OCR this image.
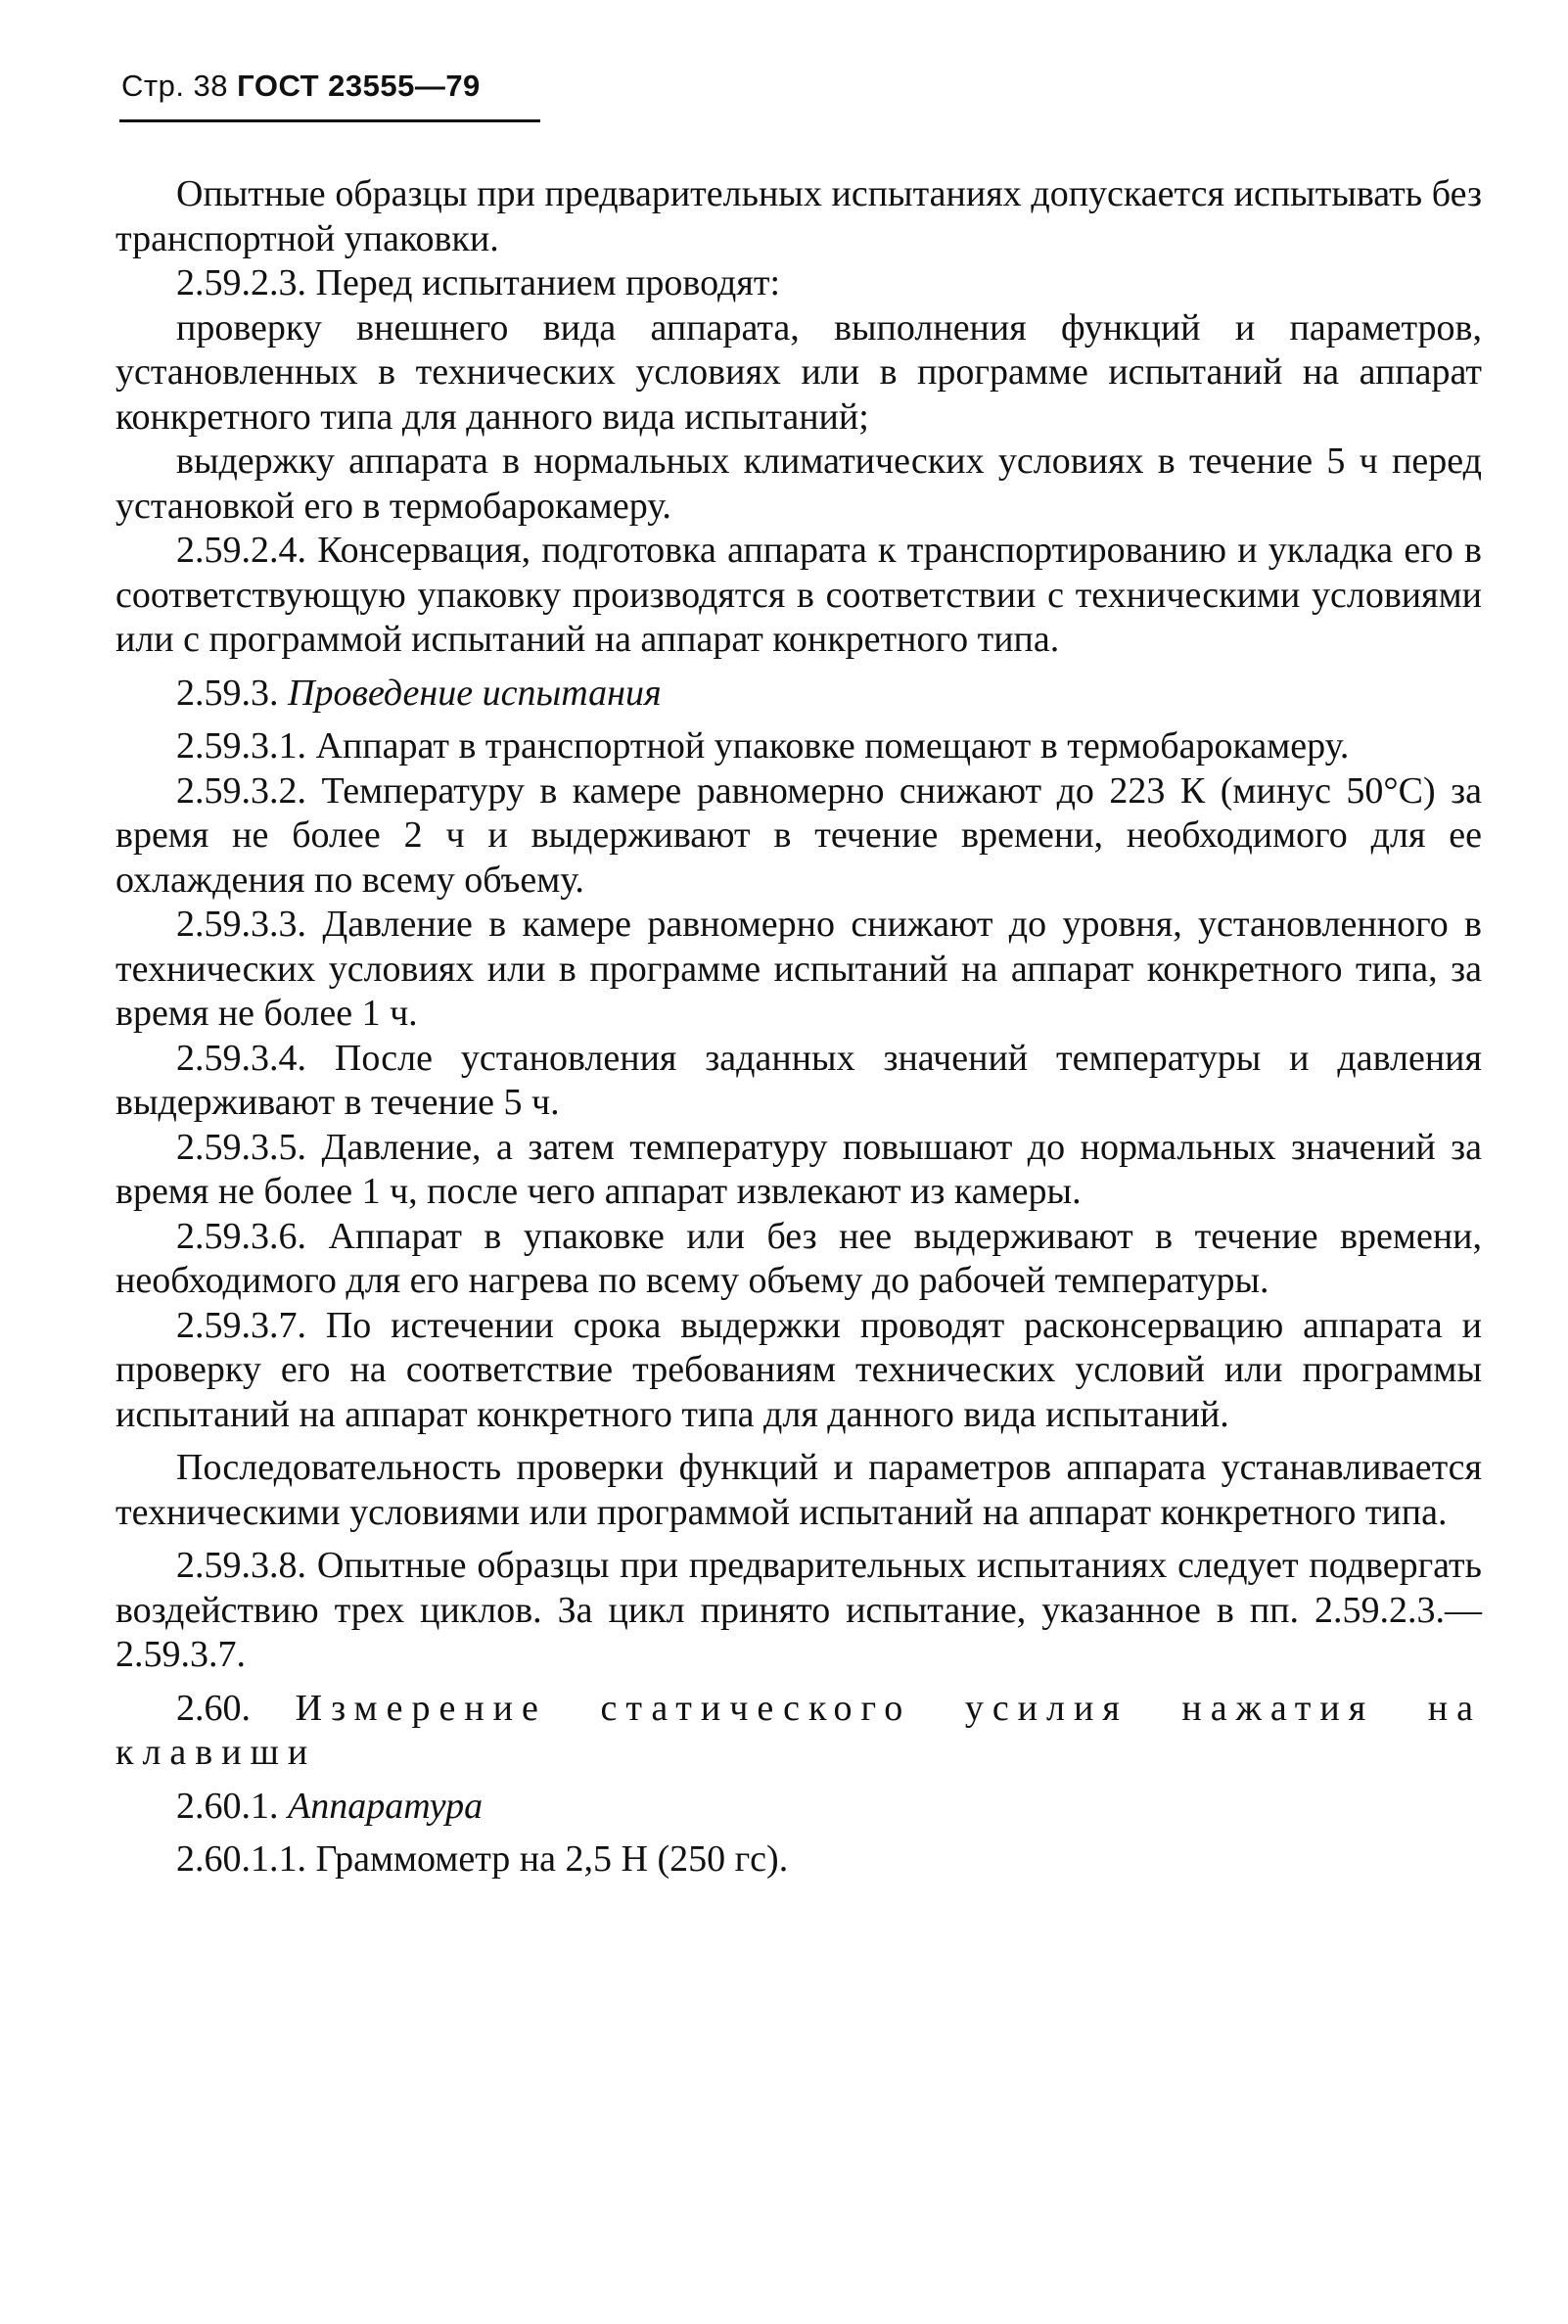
Стр. 38 ГОСТ 23555—79

Опытные образцы при предварительных испытаниях допускается испытывать без транспортной упаковки.

2.59.2.3. Перед испытанием проводят:

проверку внешнего вида аппарата, выполнения функций и параметров, установленных в технических условиях или в программе испытаний на аппарат конкретного типа для данного вида испытаний;

выдержку аппарата в нормальных климатических условиях в течение 5 ч перед установкой его в термобарокамеру.

2.59.2.4. Консервация, подготовка аппарата к транспортированию и укладка его в соответствующую упаковку производятся в соответствии с техническими условиями или с программой испытаний на аппарат конкретного типа.

2.59.3. Проведение испытания

2.59.3.1. Аппарат в транспортной упаковке помещают в термобарокамеру.

2.59.3.2. Температуру в камере равномерно снижают до 223 К (минус 50°С) за время не более 2 ч и выдерживают в течение времени, необходимого для ее охлаждения по всему объему.

2.59.3.3. Давление в камере равномерно снижают до уровня, установленного в технических условиях или в программе испытаний на аппарат конкретного типа, за время не более 1 ч.

2.59.3.4. После установления заданных значений температуры и давления выдерживают в течение 5 ч.

2.59.3.5. Давление, а затем температуру повышают до нормальных значений за время не более 1 ч, после чего аппарат извлекают из камеры.

2.59.3.6. Аппарат в упаковке или без нее выдерживают в течение времени, необходимого для его нагрева по всему объему до рабочей температуры.

2.59.3.7. По истечении срока выдержки проводят расконсервацию аппарата и проверку его на соответствие требованиям технических условий или программы испытаний на аппарат конкретного типа для данного вида испытаний.

Последовательность проверки функций и параметров аппарата устанавливается техническими условиями или программой испытаний на аппарат конкретного типа.

2.59.3.8. Опытные образцы при предварительных испытаниях следует подвергать воздействию трех циклов. За цикл принято испытание, указанное в пп. 2.59.2.3.—2.59.3.7.

2.60. Измерение статического усилия нажатия на клавиши

2.60.1. Аппаратура

2.60.1.1. Граммометр на 2,5 Н (250 гс).
